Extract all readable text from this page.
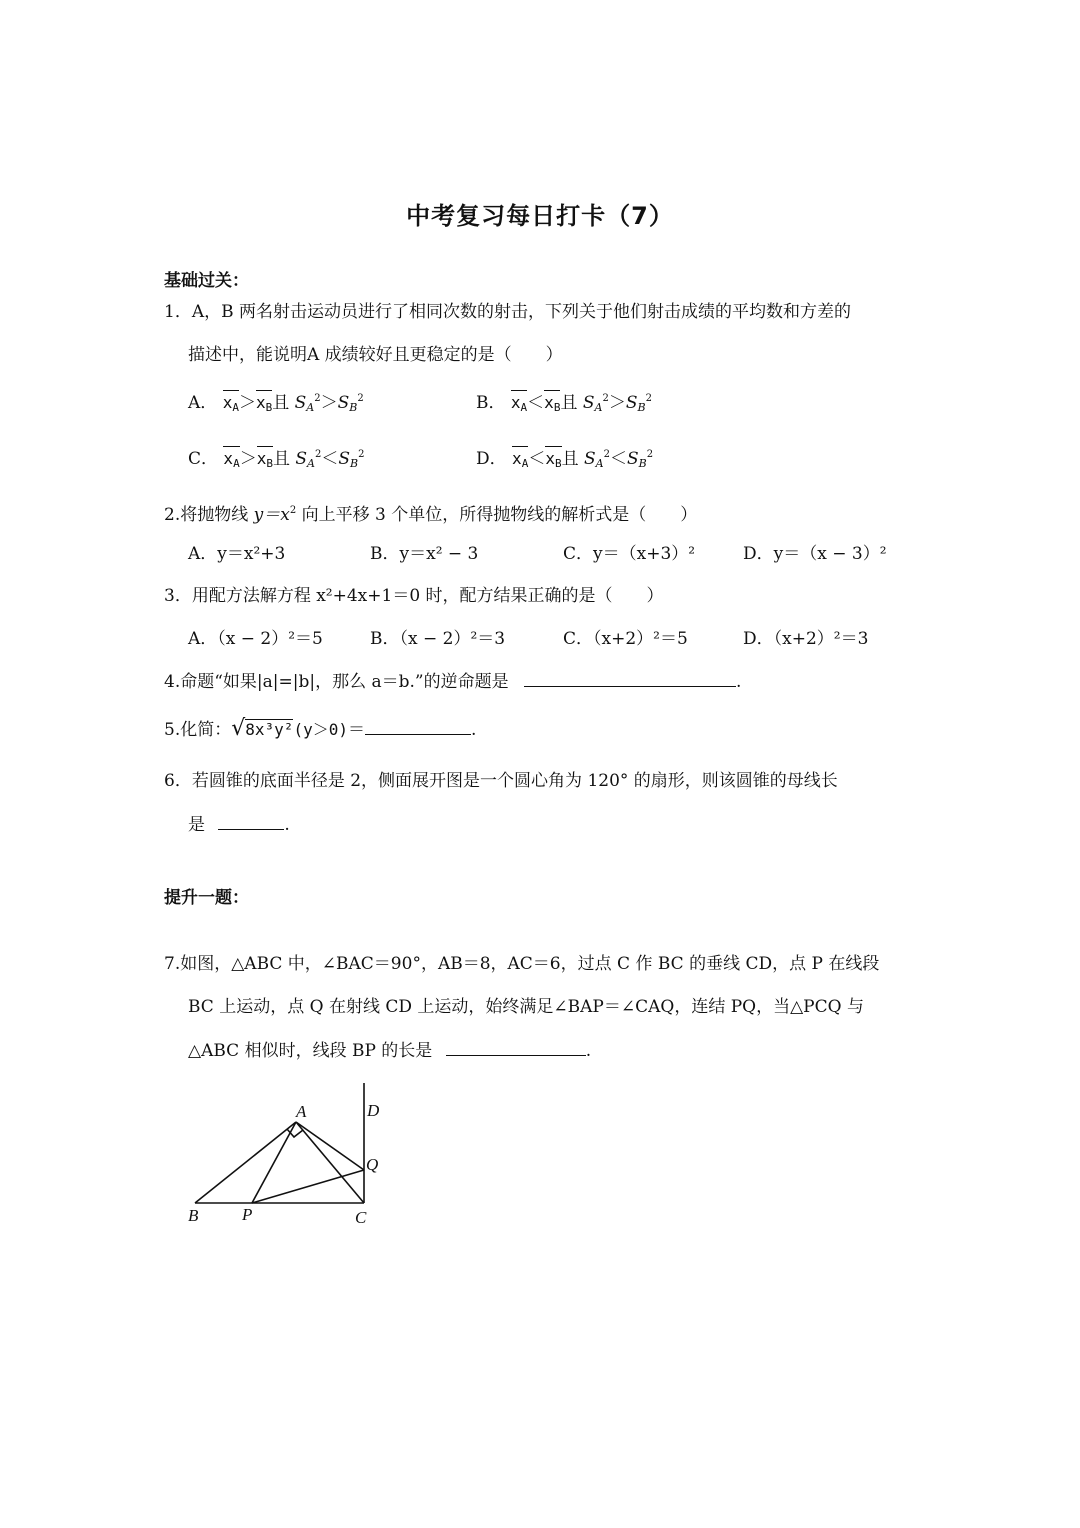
中考复习每日打卡（7）
基础过关：
1．A，B 两名射击运动员进行了相同次数的射击，下列关于他们射击成绩的平均数和方差的
描述中，能说明A 成绩较好且更稳定的是（　　）
A． $x_A>x_B$且 $S_A^2>S_B^2$	B． $x_A<x_B$且 $S_A^2>S_B^2$
C． $x_A>x_B$且 $S_A^2<S_B^2$	D． $x_A<x_B$且 $S_A^2<S_B^2$
2.将抛物线 $y=x^2$ 向上平移 3 个单位，所得抛物线的解析式是（　　）
A．y＝x²+3	B．y＝x² − 3	C．y＝（x+3）²	D．y＝（x − 3）²
3．用配方法解方程 x²+4x+1＝0 时，配方结果正确的是（　　）
A．（x − 2）²＝5	B．（x − 2）²＝3	C．（x+2）²＝5	D．（x+2）²＝3
4.命题“如果|a|=|b|，那么 a＝b.”的逆命题是	.
5.化简：√8x³y²(y＞0)＝	.
6．若圆锥的底面半径是 2，侧面展开图是一个圆心角为 120° 的扇形，则该圆锥的母线长
是	.
提升一题：
7.如图，△ABC 中，∠BAC＝90°，AB＝8，AC＝6，过点 C 作 BC 的垂线 CD，点 P 在线段
BC 上运动，点 Q 在射线 CD 上运动，始终满足∠BAP＝∠CAQ，连结 PQ，当△PCQ 与
△ABC 相似时，线段 BP 的长是	.
A
B	P	C
D
Q
